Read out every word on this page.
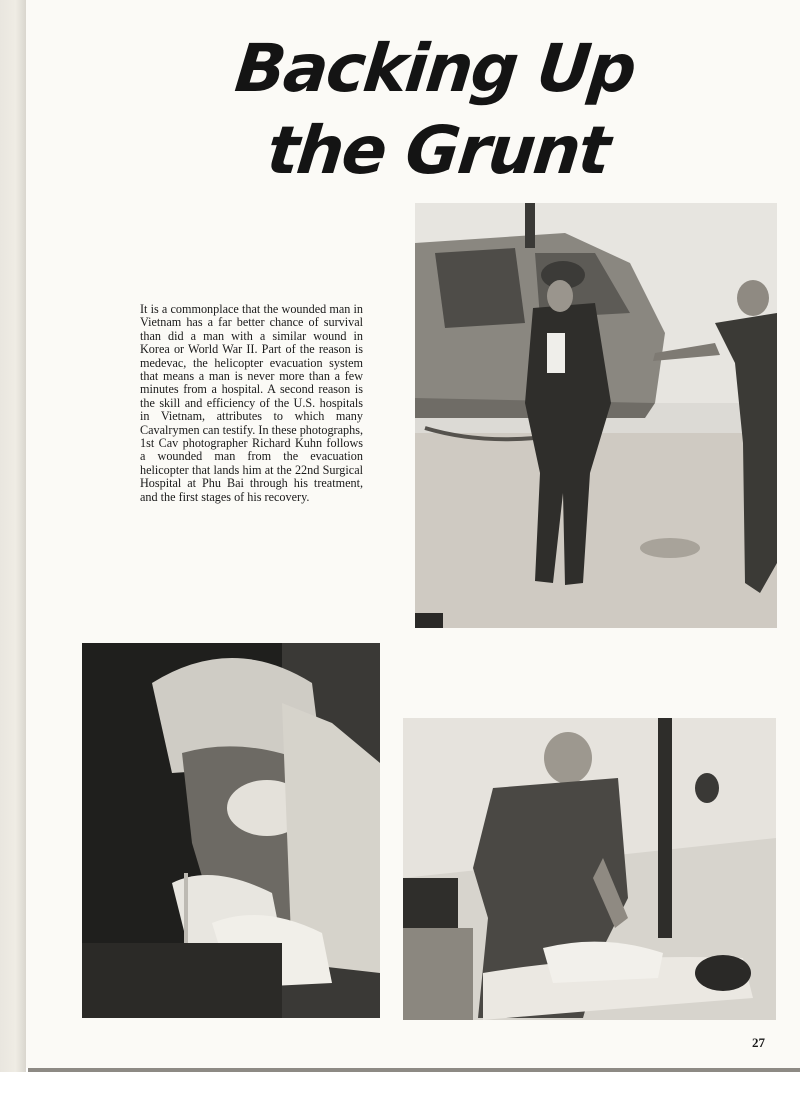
Backing Up
the Grunt

It is a commonplace that the wounded man in Vietnam has a far better chance of survival than did a man with a similar wound in Korea or World War II. Part of the reason is medevac, the helicopter evacuation system that means a man is never more than a few minutes from a hospital. A second reason is the skill and efficiency of the U.S. hospitals in Vietnam, attributes to which many Cavalrymen can testify. In these photographs, 1st Cav photographer Richard Kuhn follows a wounded man from the evacuation helicopter that lands him at the 22nd Surgical Hospital at Phu Bai through his treatment, and the first stages of his recovery.

27
